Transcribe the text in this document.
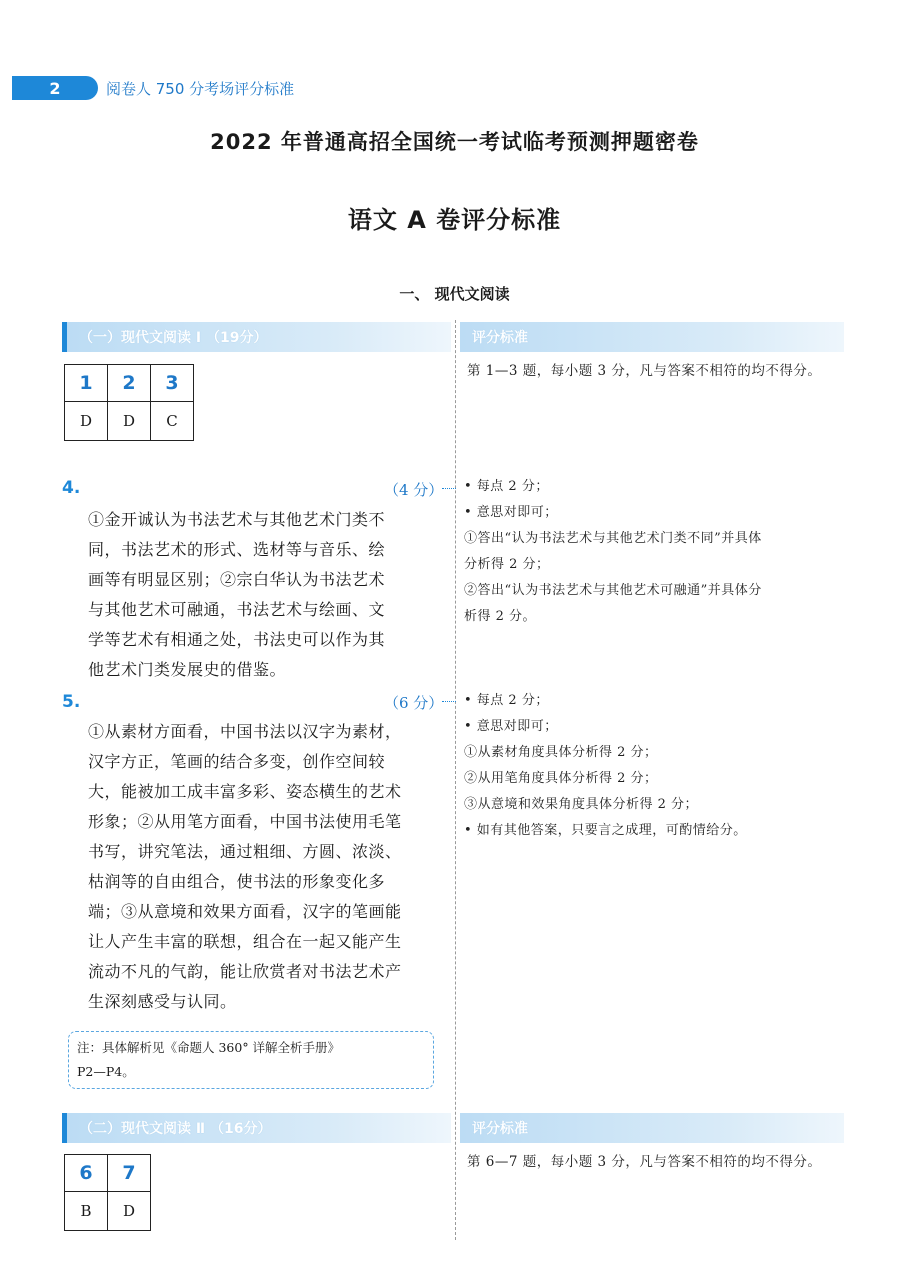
2	阅卷人 750 分考场评分标准
2022 年普通高招全国统一考试临考预测押题密卷
语文 A 卷评分标准
一、 现代文阅读
（一）现代文阅读 Ⅰ （19分）	评分标准
1	2	3
D	D	C
第 1—3 题，每小题 3 分，凡与答案不相符的均不得分。
4.	（4 分）
①金开诚认为书法艺术与其他艺术门类不
同，书法艺术的形式、选材等与音乐、绘
画等有明显区别；②宗白华认为书法艺术
与其他艺术可融通，书法艺术与绘画、文
学等艺术有相通之处，书法史可以作为其
他艺术门类发展史的借鉴。
• 每点 2 分；
• 意思对即可；
①答出“认为书法艺术与其他艺术门类不同”并具体
分析得 2 分；
②答出“认为书法艺术与其他艺术可融通”并具体分
析得 2 分。
5.	（6 分）
①从素材方面看，中国书法以汉字为素材，
汉字方正，笔画的结合多变，创作空间较
大，能被加工成丰富多彩、姿态横生的艺术
形象；②从用笔方面看，中国书法使用毛笔
书写，讲究笔法，通过粗细、方圆、浓淡、
枯润等的自由组合，使书法的形象变化多
端；③从意境和效果方面看，汉字的笔画能
让人产生丰富的联想，组合在一起又能产生
流动不凡的气韵，能让欣赏者对书法艺术产
生深刻感受与认同。
• 每点 2 分；
• 意思对即可；
①从素材角度具体分析得 2 分；
②从用笔角度具体分析得 2 分；
③从意境和效果角度具体分析得 2 分；
• 如有其他答案，只要言之成理，可酌情给分。
注：具体解析见《命题人 360° 详解全析手册》
P2—P4。
（二）现代文阅读 Ⅱ （16分）	评分标准
6	7
B	D
第 6—7 题，每小题 3 分，凡与答案不相符的均不得分。
